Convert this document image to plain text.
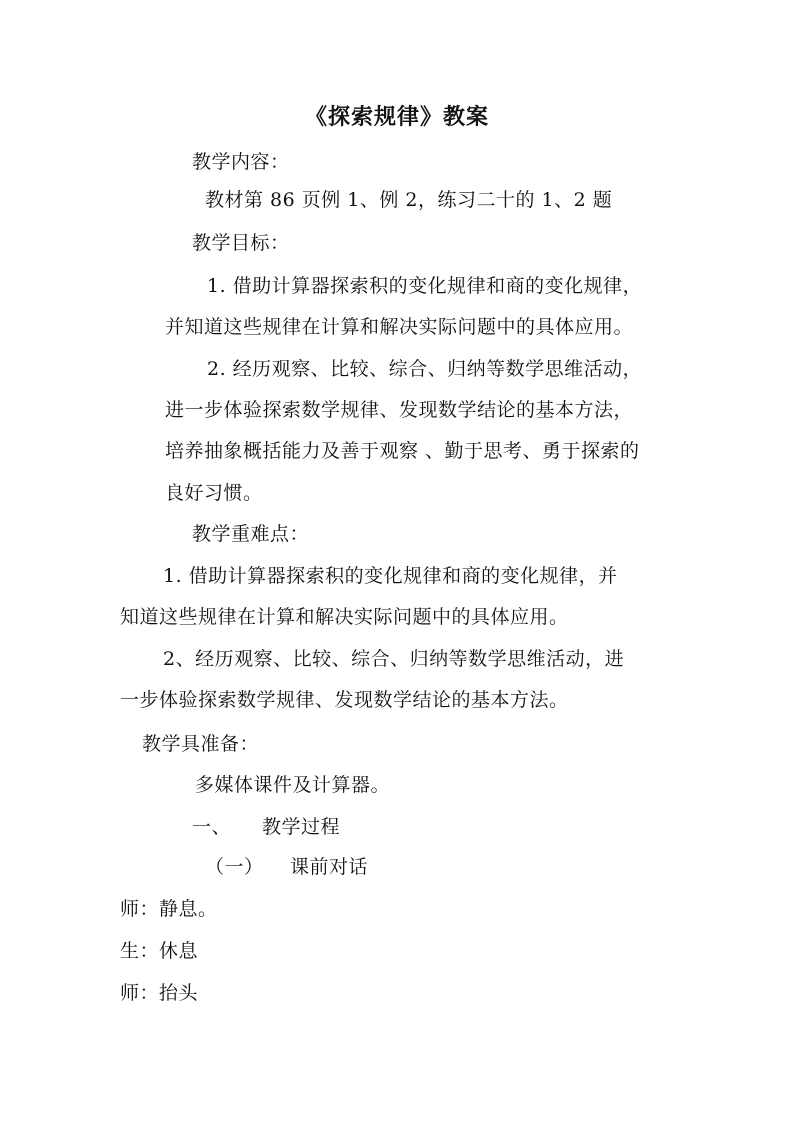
《探索规律》教案
教学内容：
教材第 86 页例 1、例 2，练习二十的 1、2 题
教学目标：
1. 借助计算器探索积的变化规律和商的变化规律，
并知道这些规律在计算和解决实际问题中的具体应用。
2. 经历观察、比较、综合、归纳等数学思维活动，
进一步体验探索数学规律、发现数学结论的基本方法，
培养抽象概括能力及善于观察 、勤于思考、勇于探索的
良好习惯。
教学重难点：
1. 借助计算器探索积的变化规律和商的变化规律，并
知道这些规律在计算和解决实际问题中的具体应用。
2、经历观察、比较、综合、归纳等数学思维活动，进
一步体验探索数学规律、发现数学结论的基本方法。
教学具准备：
多媒体课件及计算器。
一、 教学过程
（一） 课前对话
师：静息。
生：休息
师：抬头
